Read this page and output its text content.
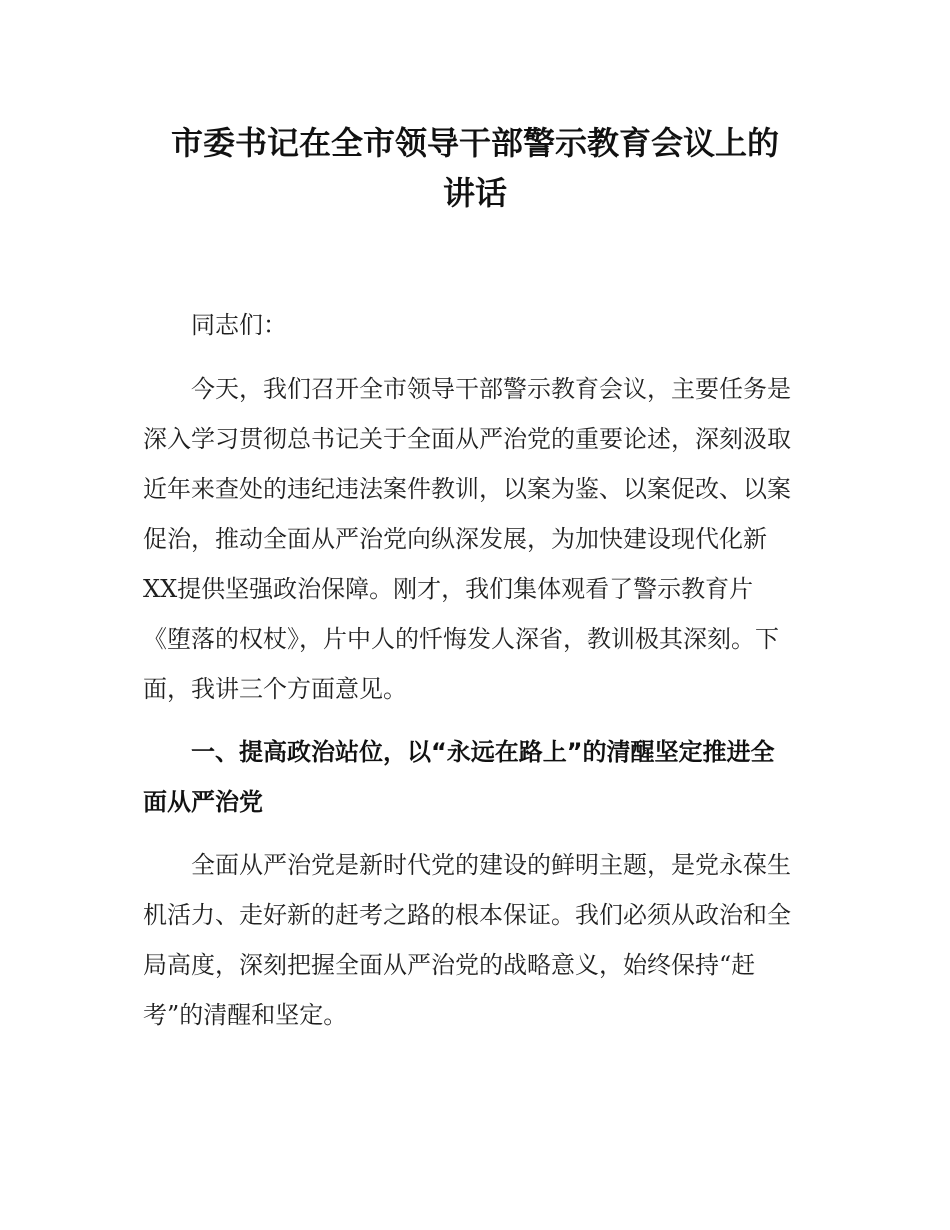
市委书记在全市领导干部警示教育会议上的
讲话

同志们：

今天，我们召开全市领导干部警示教育会议，主要任务是
深入学习贯彻总书记关于全面从严治党的重要论述，深刻汲取
近年来查处的违纪违法案件教训，以案为鉴、以案促改、以案
促治，推动全面从严治党向纵深发展，为加快建设现代化新
XX提供坚强政治保障。刚才，我们集体观看了警示教育片
《堕落的权杖》，片中人的忏悔发人深省，教训极其深刻。下
面，我讲三个方面意见。

一、提高政治站位，以“永远在路上”的清醒坚定推进全
面从严治党

全面从严治党是新时代党的建设的鲜明主题，是党永葆生
机活力、走好新的赶考之路的根本保证。我们必须从政治和全
局高度，深刻把握全面从严治党的战略意义，始终保持“赶
考”的清醒和坚定。
